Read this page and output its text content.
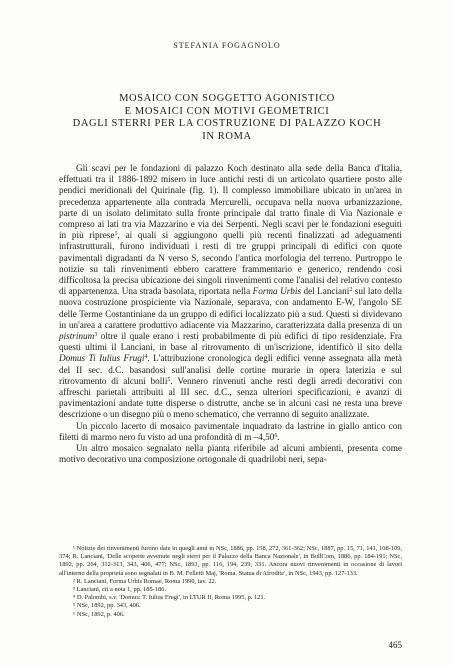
STEFANIA FOGAGNOLO
MOSAICO CON SOGGETTO AGONISTICO
E MOSAICI CON MOTIVI GEOMETRICI
DAGLI STERRI PER LA COSTRUZIONE DI PALAZZO KOCH
IN ROMA

Gli scavi per le fondazioni di palazzo Koch destinato alla sede della Banca d'Italia, effettuati tra il 1886-1892 misero in luce antichi resti di un articolato quartiere posto alle pendici meridionali del Quirinale (fig. 1). Il complesso immobiliare ubicato in un'area in precedenza appartenente alla contrada Mercurelli, occupava nella nuova urbanizzazione, parte di un isolato delimitato sulla fronte principale dal tratto finale di Via Nazionale e compreso ai lati tra via Mazzarino e via dei Serpenti. Negli scavi per le fondazioni eseguiti in più riprese$^1$, ai quali si aggiungono quelli più recenti finalizzati ad adeguamenti infrastrutturali, furono individuati i resti di tre gruppi principali di edifici con quote pavimentali digradanti da N verso S, secondo l'antica morfologia del terreno. Purtroppo le notizie su tali rinvenimenti ebbero carattere frammentario e generico, rendendo così difficoltosa la precisa ubicazione dei singoli rinvenimenti come l'analisi del relativo contesto di appartenenza. Una strada basolata, riportata nella Forma Urbis del Lanciani$^2$ sul lato della nuova costruzione prospiciente via Nazionale, separava, con andamento E-W, l'angolo SE delle Terme Costantiniane da un gruppo di edifici localizzato più a sud. Questi si dividevano in un'area a carattere produttivo adiacente via Mazzarino, caratterizzata dalla presenza di un pistrinum$^3$ oltre il quale erano i resti probabilmente di più edifici di tipo residenziale. Fra questi ultimi il Lanciani, in base al ritrovamento di un'iscrizione, identificò il sito della Domus Ti Iulius Frugi$^4$. L'attribuzione cronologica degli edifici venne assegnata alla metà del II sec. d.C. basandosi sull'analisi delle cortine murarie in opera laterizia e sul ritrovamento di alcuni bolli$^5$. Vennero rinvenuti anche resti degli arredi decorativi con affreschi parietali attribuiti al III sec. d.C., senza ulteriori specificazioni, e avanzi di pavimentazioni andate tutte disperse o distrutte, anche se in alcuni casi ne resta una breve descrizione o un disegno più o meno schematico, che verranno di seguito analizzate.

Un piccolo lacerto di mosaico pavimentale inquadrato da lastrine in giallo antico con filetti di marmo nero fu visto ad una profondità di m –4,50$^6$.

Un altro mosaico segnalato nella pianta riferibile ad alcuni ambienti, presenta come motivo decorativo una composizione ortogonale di quadrilobi neri, sepa-

¹ Notizie dei rinvenimenti furono date in quegli anni in NSc, 1886, pp. 158, 272, 361-362; NSc, 1887, pp. 15, 71, 141, 108-109, 374; R. Lanciani, 'Delle scoperte avvenute negli sterri per il Palazzo della Banca Nazionale', in BullCom, 1886, pp. 184-191; NSc, 1892, pp. 264, 312-313, 343, 406, 477; NSc, 1893, pp. 116, 194, 239, 331. Ancora nuovi rinvenimenti in occasione di lavori all'interno della proprietà sono segnalati in B. M. Felletti Maj, 'Roma. Statua di Afrodite', in NSc, 1943, pp. 127-133.

² R. Lanciani, Forma Urbis Romae, Roma 1990, tav. 22.

³ Lanciani, cit a nota 1, pp. 185-186.

⁴ D. Palombi, s.v. 'Domus: T. Iulius Frugi', in LTUR II, Roma 1995, p. 121.

⁵ NSc, 1892, pp. 343, 406.

⁶ NSc, 1892, p. 406.

465
